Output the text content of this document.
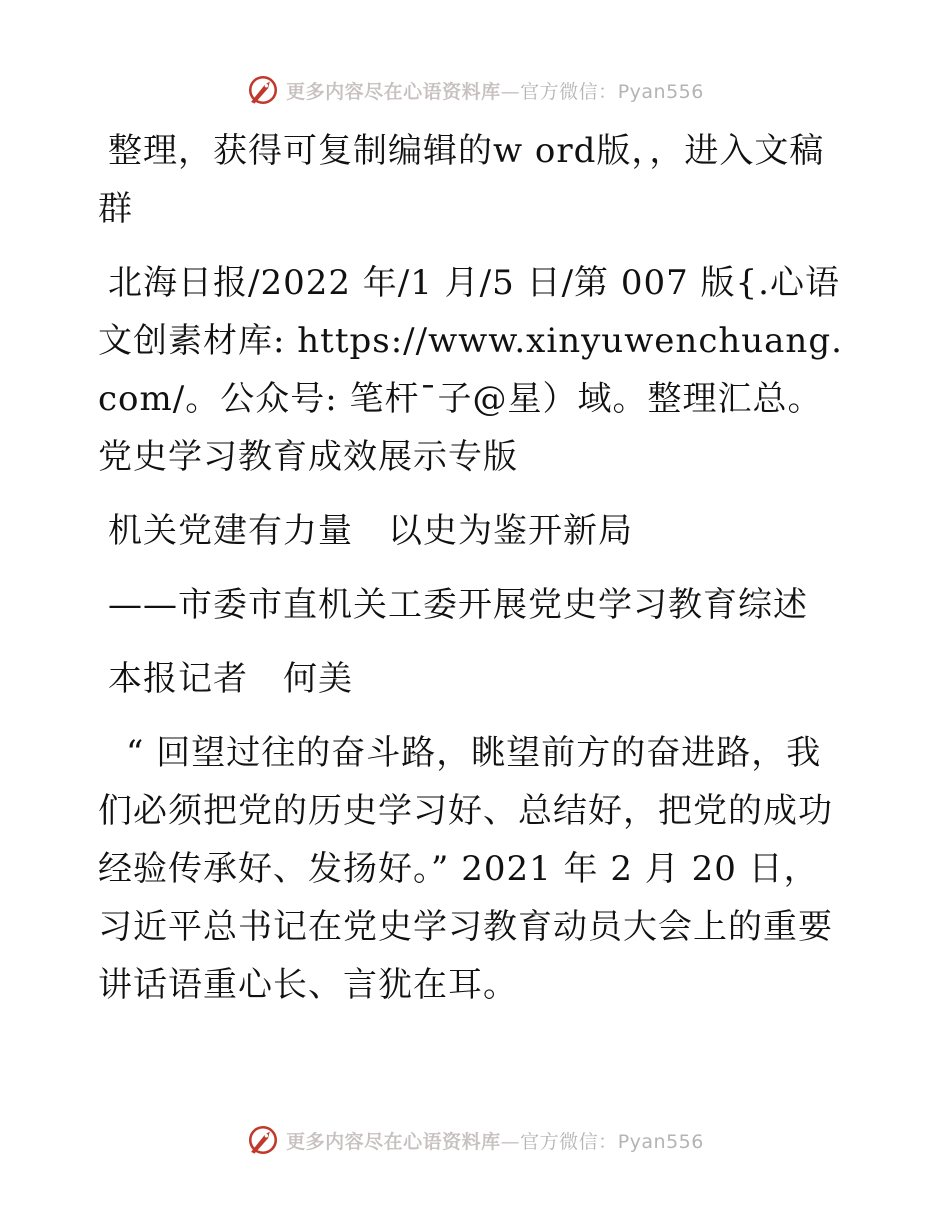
更多内容尽在心语资料库—官方微信：Pyan556

整理，获得可复制编辑的w ord版，，进入文稿群

北海日报/2022 年/1 月/5 日/第 007 版{.心语文创素材库: https://www.xinyuwenchuang.com/。公众号: 笔杆¯子@星）域。整理汇总。党史学习教育成效展示专版

机关党建有力量　以史为鉴开新局

——市委市直机关工委开展党史学习教育综述

本报记者　何美

“ 回望过往的奋斗路，眺望前方的奋进路，我们必须把党的历史学习好、总结好，把党的成功经验传承好、发扬好。” 2021 年 2 月 20 日，习近平总书记在党史学习教育动员大会上的重要讲话语重心长、言犹在耳。

更多内容尽在心语资料库—官方微信：Pyan556
